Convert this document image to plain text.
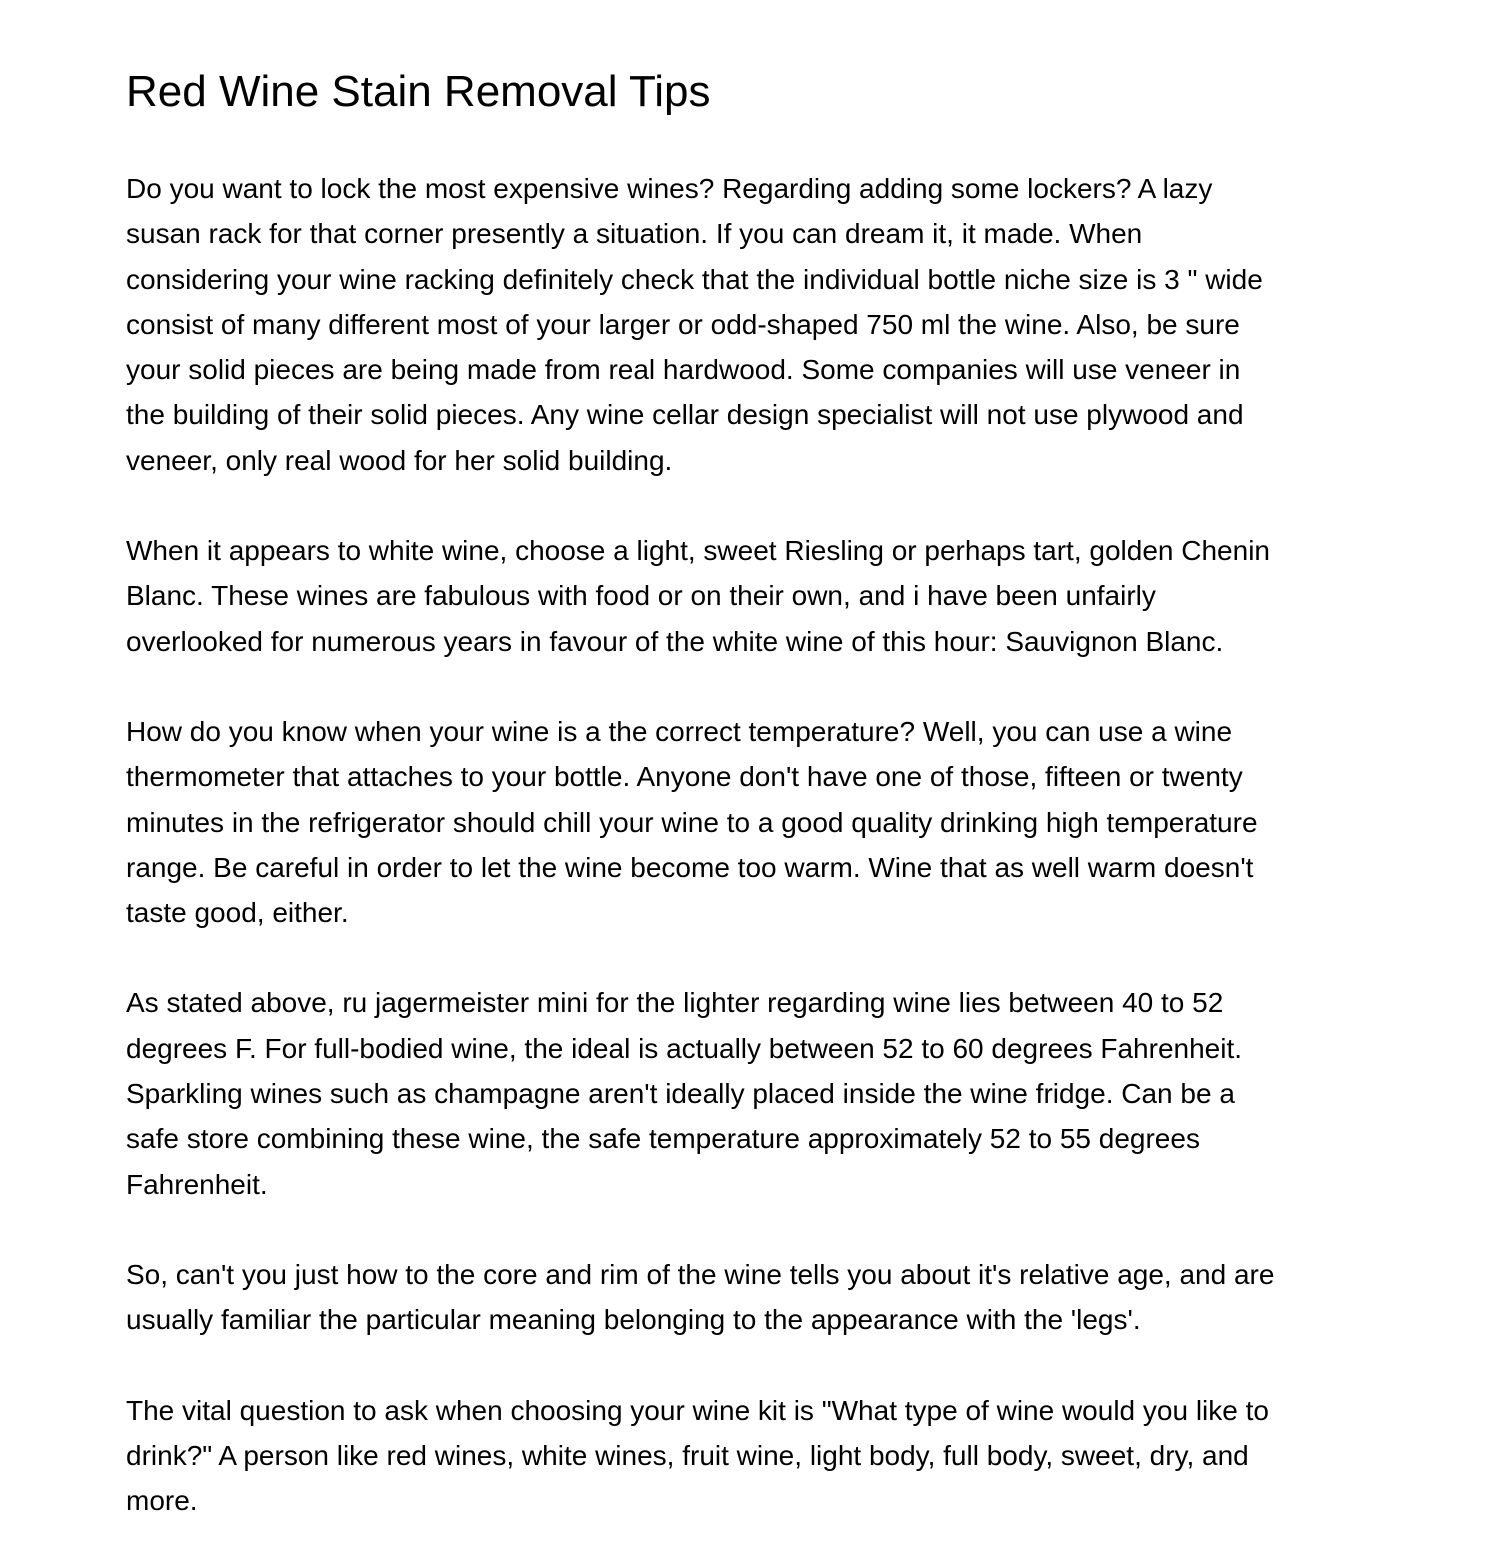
Red Wine Stain Removal Tips

Do you want to lock the most expensive wines? Regarding adding some lockers? A lazy
susan rack for that corner presently a situation. If you can dream it, it made. When
considering your wine racking definitely check that the individual bottle niche size is 3 " wide
consist of many different most of your larger or odd-shaped 750 ml the wine. Also, be sure
your solid pieces are being made from real hardwood. Some companies will use veneer in
the building of their solid pieces. Any wine cellar design specialist will not use plywood and
veneer, only real wood for her solid building.

When it appears to white wine, choose a light, sweet Riesling or perhaps tart, golden Chenin
Blanc. These wines are fabulous with food or on their own, and i have been unfairly
overlooked for numerous years in favour of the white wine of this hour: Sauvignon Blanc.

How do you know when your wine is a the correct temperature? Well, you can use a wine
thermometer that attaches to your bottle. Anyone don't have one of those, fifteen or twenty
minutes in the refrigerator should chill your wine to a good quality drinking high temperature
range. Be careful in order to let the wine become too warm. Wine that as well warm doesn't
taste good, either.

As stated above, ru jagermeister mini for the lighter regarding wine lies between 40 to 52
degrees F. For full-bodied wine, the ideal is actually between 52 to 60 degrees Fahrenheit.
Sparkling wines such as champagne aren't ideally placed inside the wine fridge. Can be a
safe store combining these wine, the safe temperature approximately 52 to 55 degrees
Fahrenheit.

So, can't you just how to the core and rim of the wine tells you about it's relative age, and are
usually familiar the particular meaning belonging to the appearance with the 'legs'.

The vital question to ask when choosing your wine kit is "What type of wine would you like to
drink?" A person like red wines, white wines, fruit wine, light body, full body, sweet, dry, and
more.
